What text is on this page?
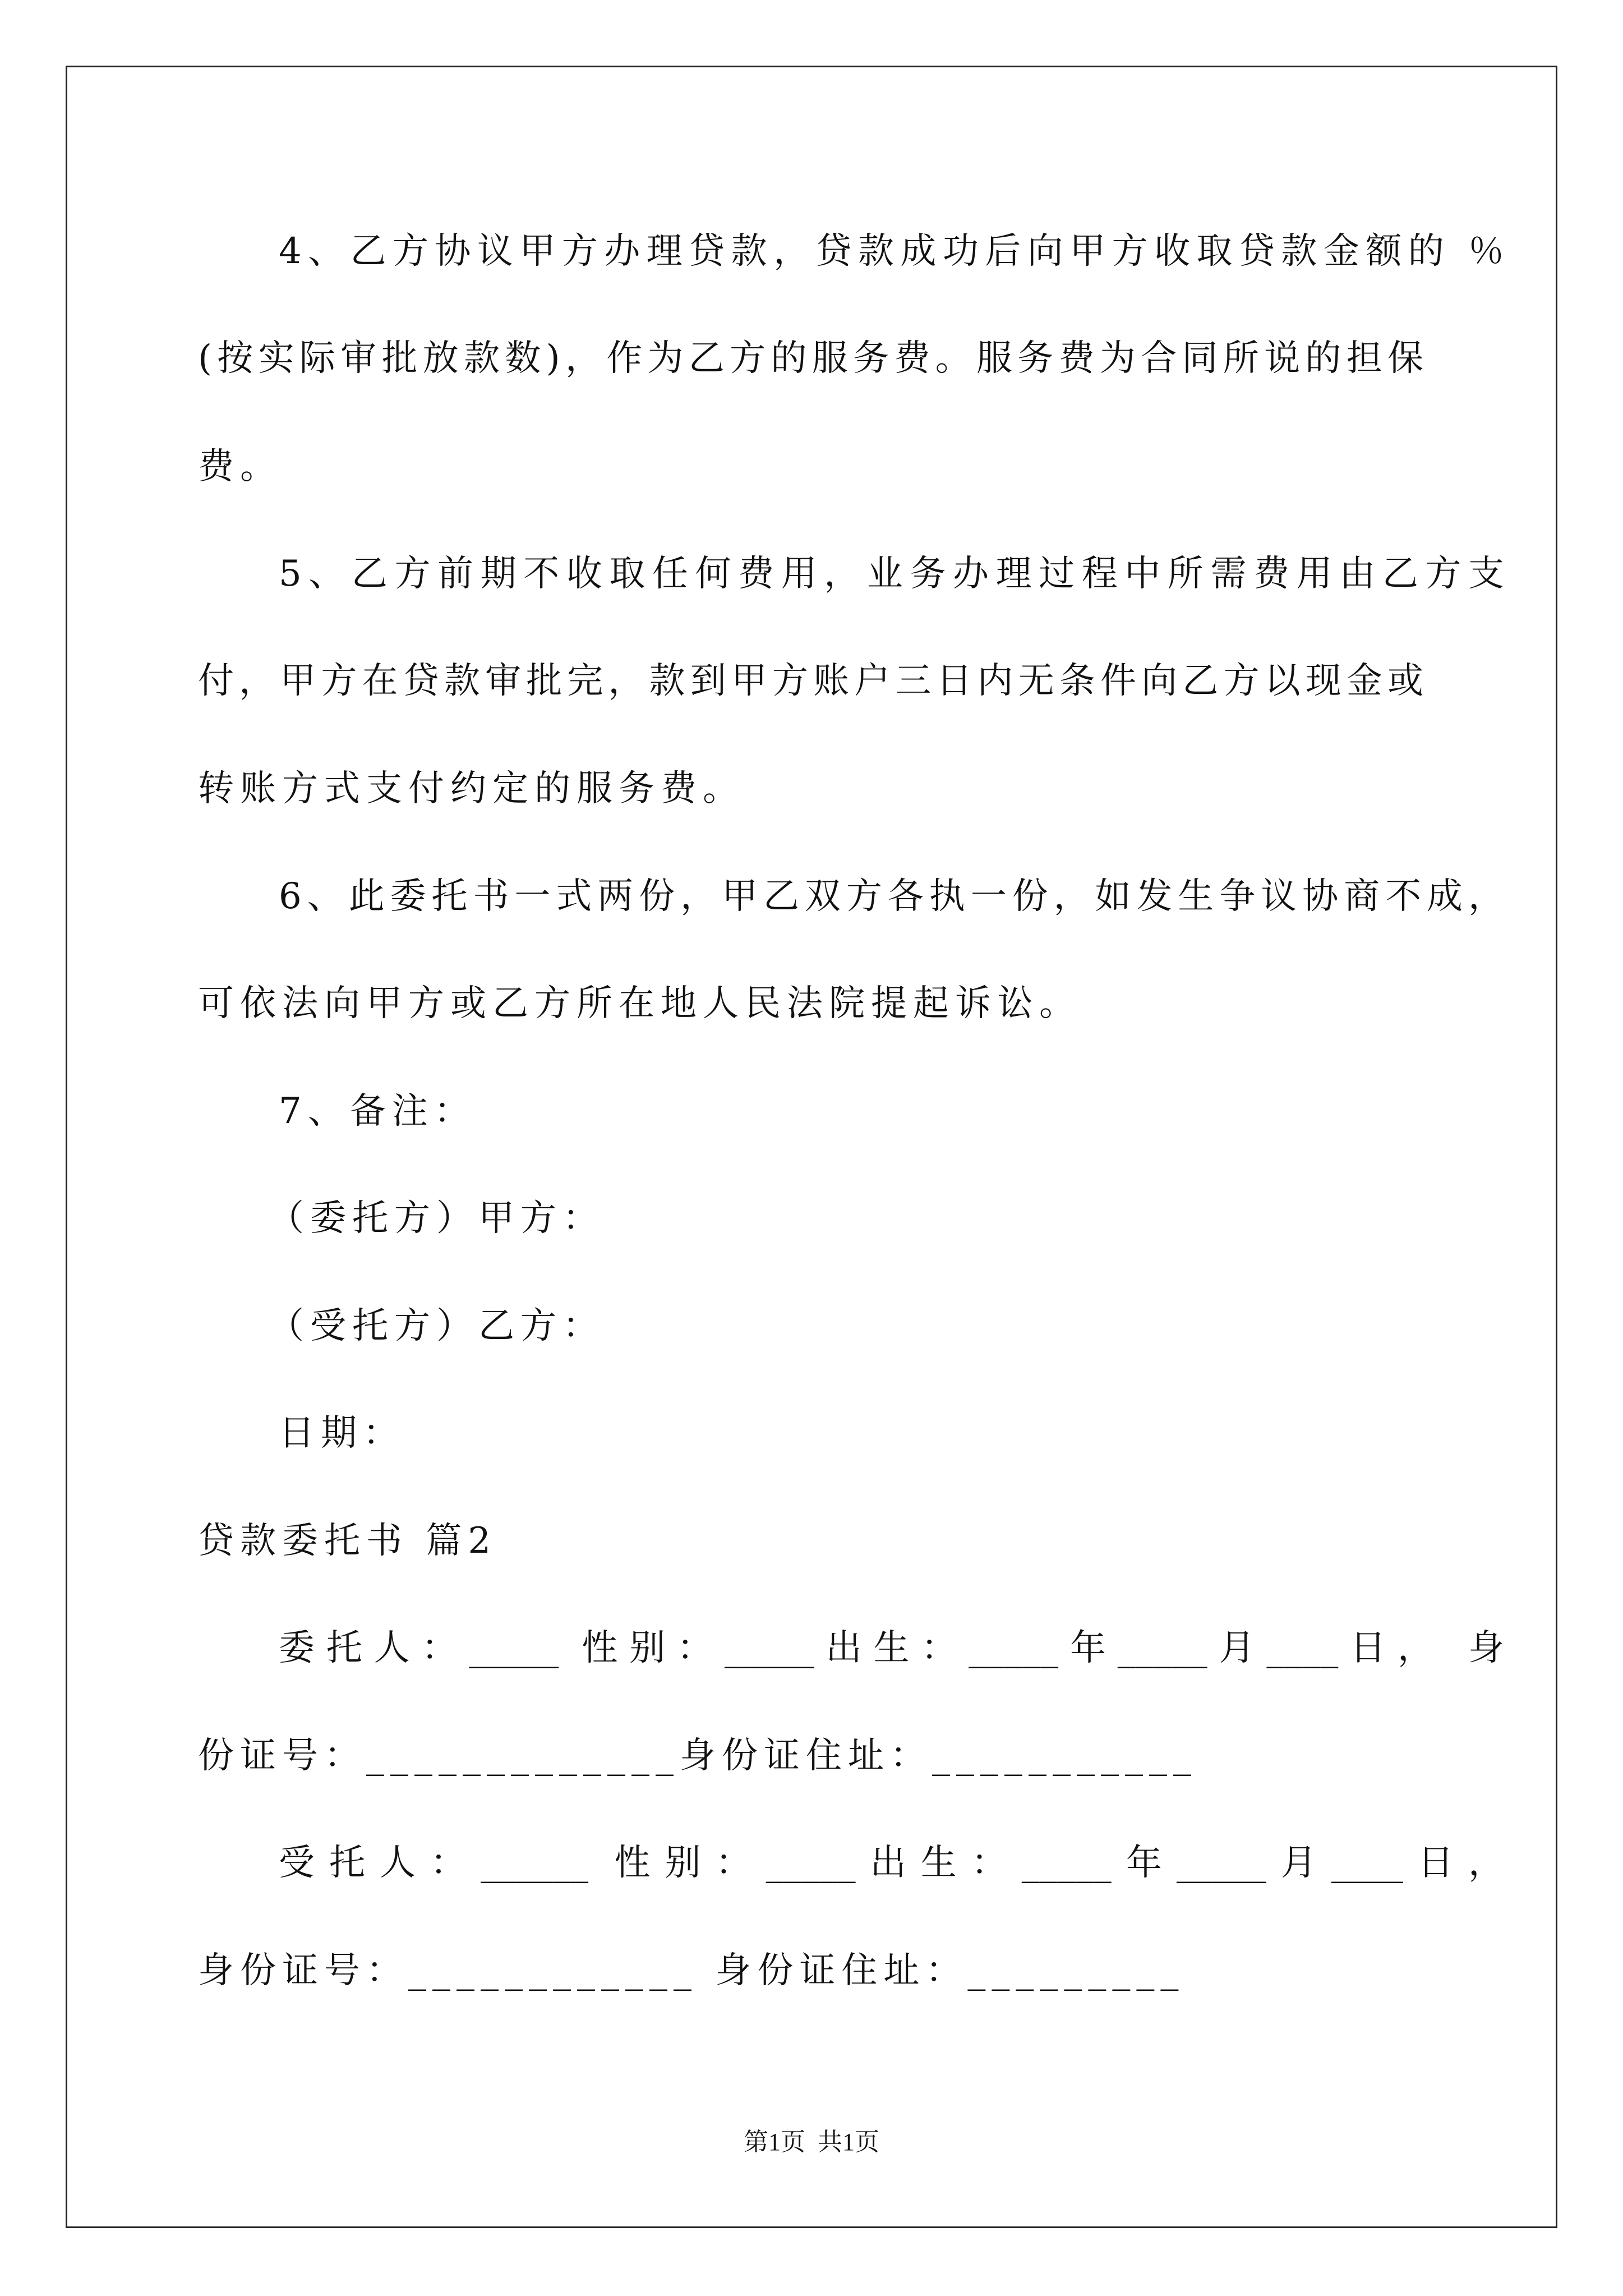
4、乙方协议甲方办理贷款，贷款成功后向甲方收取贷款金额的 ％

(按实际审批放款数)，作为乙方的服务费。服务费为合同所说的担保

费。

5、乙方前期不收取任何费用，业务办理过程中所需费用由乙方支

付，甲方在贷款审批完，款到甲方账户三日内无条件向乙方以现金或

转账方式支付约定的服务费。

6、此委托书一式两份，甲乙双方各执一份，如发生争议协商不成，

可依法向甲方或乙方所在地人民法院提起诉讼。

7、备注：

（委托方）甲方：

（受托方）乙方：

日期：

贷款委托书 篇2

委托人：_____ 性别：_____出生：_____年_____月____日， 身

份证号：_____________身份证住址：___________

受托人：______ 性别：_____出生：_____年_____月____日，

身份证号：____________ 身份证住址：_________

第1页  共1页
